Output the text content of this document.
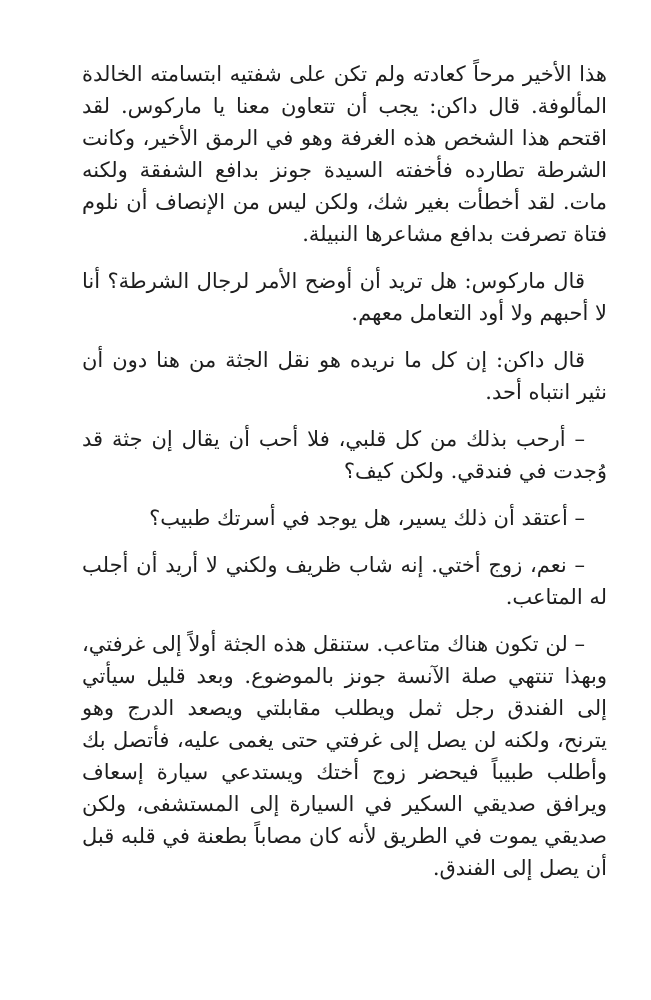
هذا الأخير مرحاً كعادته ولم تكن على شفتيه ابتسامته الخالدة المألوفة. قال داكن: يجب أن تتعاون معنا يا ماركوس. لقد اقتحم هذا الشخص هذه الغرفة وهو في الرمق الأخير، وكانت الشرطة تطارده فأخفته السيدة جونز بدافع الشفقة ولكنه مات. لقد أخطأت بغير شك، ولكن ليس من الإنصاف أن نلوم فتاة تصرفت بدافع مشاعرها النبيلة.

قال ماركوس: هل تريد أن أوضح الأمر لرجال الشرطة؟ أنا لا أحبهم ولا أود التعامل معهم.

قال داكن: إن كل ما نريده هو نقل الجثة من هنا دون أن نثير انتباه أحد.

– أرحب بذلك من كل قلبي، فلا أحب أن يقال إن جثة قد وُجدت في فندقي. ولكن كيف؟

– أعتقد أن ذلك يسير، هل يوجد في أسرتك طبيب؟

– نعم، زوج أختي. إنه شاب ظريف ولكني لا أريد أن أجلب له المتاعب.

– لن تكون هناك متاعب. ستنقل هذه الجثة أولاً إلى غرفتي، وبهذا تنتهي صلة الآنسة جونز بالموضوع. وبعد قليل سيأتي إلى الفندق رجل ثمل ويطلب مقابلتي ويصعد الدرج وهو يترنح، ولكنه لن يصل إلى غرفتي حتى يغمى عليه، فأتصل بك وأطلب طبيباً فيحضر زوج أختك ويستدعي سيارة إسعاف ويرافق صديقي السكير في السيارة إلى المستشفى، ولكن صديقي يموت في الطريق لأنه كان مصاباً بطعنة في قلبه قبل أن يصل إلى الفندق.
